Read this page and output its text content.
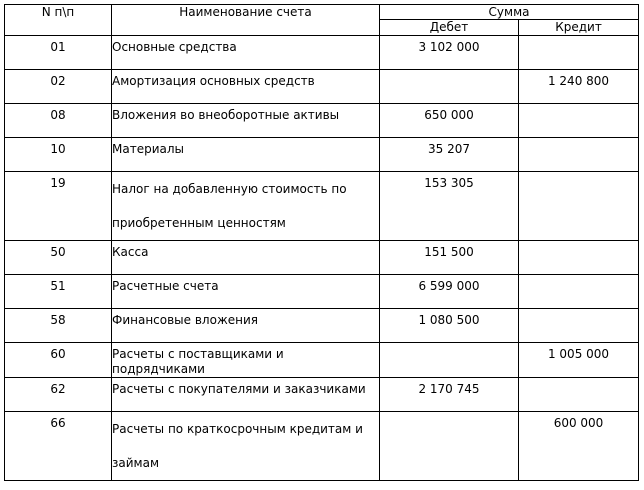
N п\п	Наименование счета	Сумма	
		Дебет	Кредит

01	Основные средства	3 102 000	

02	Амортизация основных средств		1 240 800

08	Вложения во внеоборотные активы	650 000	

10	Материалы	35 207	

19	Налог на добавленную стоимость по приобретенным ценностям	153 305	

50	Касса	151 500	

51	Расчетные счета	6 599 000	

58	Финансовые вложения	1 080 500	

60	Расчеты с поставщиками и подрядчиками		1 005 000

62	Расчеты с покупателями и заказчиками	2 170 745	

66	Расчеты по краткосрочным кредитам и займам		600 000
